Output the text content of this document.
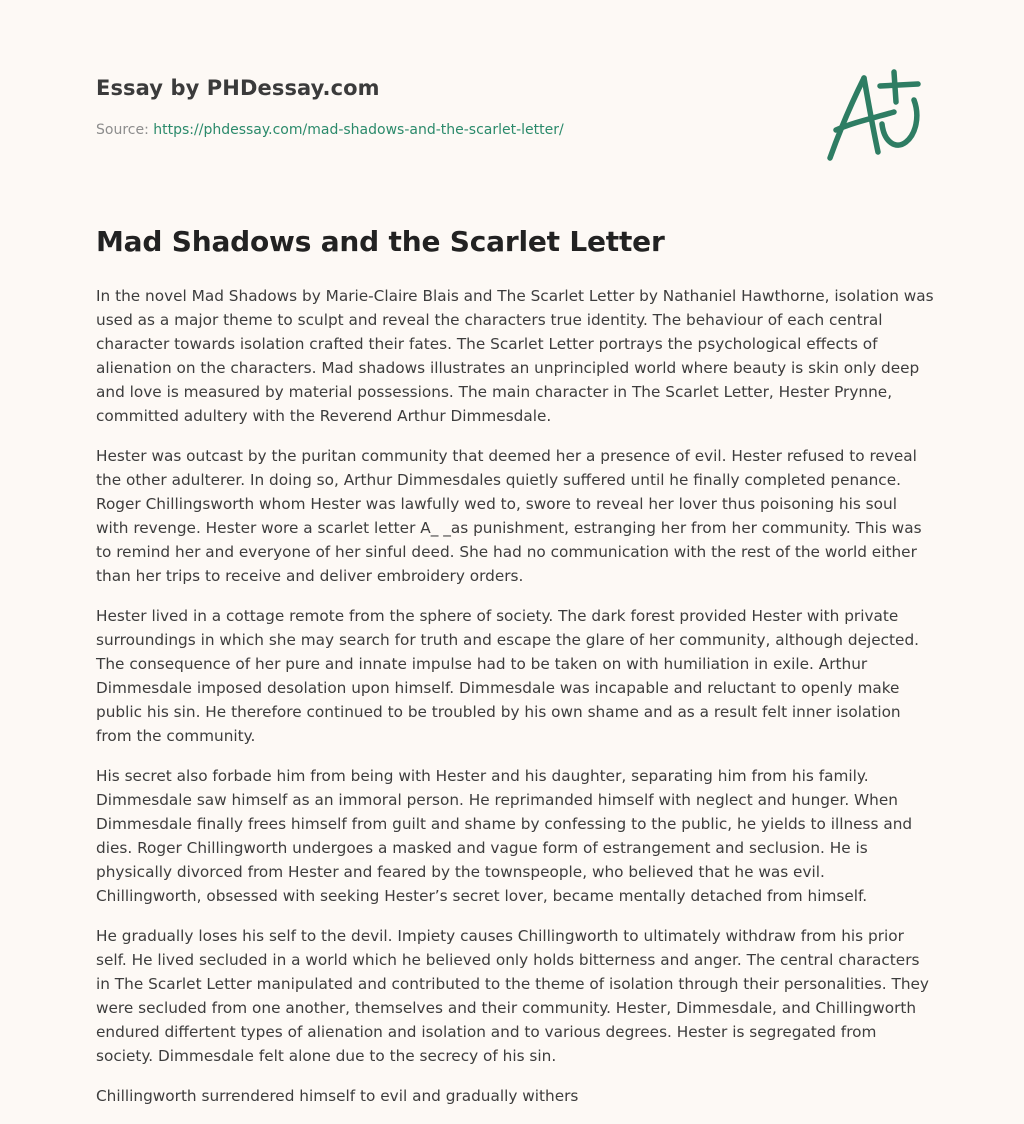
Essay by PHDessay.com

Source: https://phdessay.com/mad-shadows-and-the-scarlet-letter/
Mad Shadows and the Scarlet Letter

In the novel Mad Shadows by Marie-Claire Blais and The Scarlet Letter by Nathaniel Hawthorne, isolation was used as a major theme to sculpt and reveal the characters true identity. The behaviour of each central character towards isolation crafted their fates. The Scarlet Letter portrays the psychological effects of alienation on the characters. Mad shadows illustrates an unprincipled world where beauty is skin only deep and love is measured by material possessions. The main character in The Scarlet Letter, Hester Prynne, committed adultery with the Reverend Arthur Dimmesdale.

Hester was outcast by the puritan community that deemed her a presence of evil. Hester refused to reveal the other adulterer. In doing so, Arthur Dimmesdales quietly suffered until he finally completed penance. Roger Chillingsworth whom Hester was lawfully wed to, swore to reveal her lover thus poisoning his soul with revenge. Hester wore a scarlet letter A_ _as punishment, estranging her from her community. This was to remind her and everyone of her sinful deed. She had no communication with the rest of the world either than her trips to receive and deliver embroidery orders.

Hester lived in a cottage remote from the sphere of society. The dark forest provided Hester with private surroundings in which she may search for truth and escape the glare of her community, although dejected. The consequence of her pure and innate impulse had to be taken on with humiliation in exile. Arthur Dimmesdale imposed desolation upon himself. Dimmesdale was incapable and reluctant to openly make public his sin. He therefore continued to be troubled by his own shame and as a result felt inner isolation from the community.

His secret also forbade him from being with Hester and his daughter, separating him from his family. Dimmesdale saw himself as an immoral person. He reprimanded himself with neglect and hunger. When Dimmesdale finally frees himself from guilt and shame by confessing to the public, he yields to illness and dies. Roger Chillingworth undergoes a masked and vague form of estrangement and seclusion. He is physically divorced from Hester and feared by the townspeople, who believed that he was evil. Chillingworth, obsessed with seeking Hester’s secret lover, became mentally detached from himself.

He gradually loses his self to the devil. Impiety causes Chillingworth to ultimately withdraw from his prior self. He lived secluded in a world which he believed only holds bitterness and anger. The central characters in The Scarlet Letter manipulated and contributed to the theme of isolation through their personalities. They were secluded from one another, themselves and their community. Hester, Dimmesdale, and Chillingworth endured differtent types of alienation and isolation and to various degrees. Hester is segregated from society. Dimmesdale felt alone due to the secrecy of his sin.

Chillingworth surrendered himself to evil and gradually withers
